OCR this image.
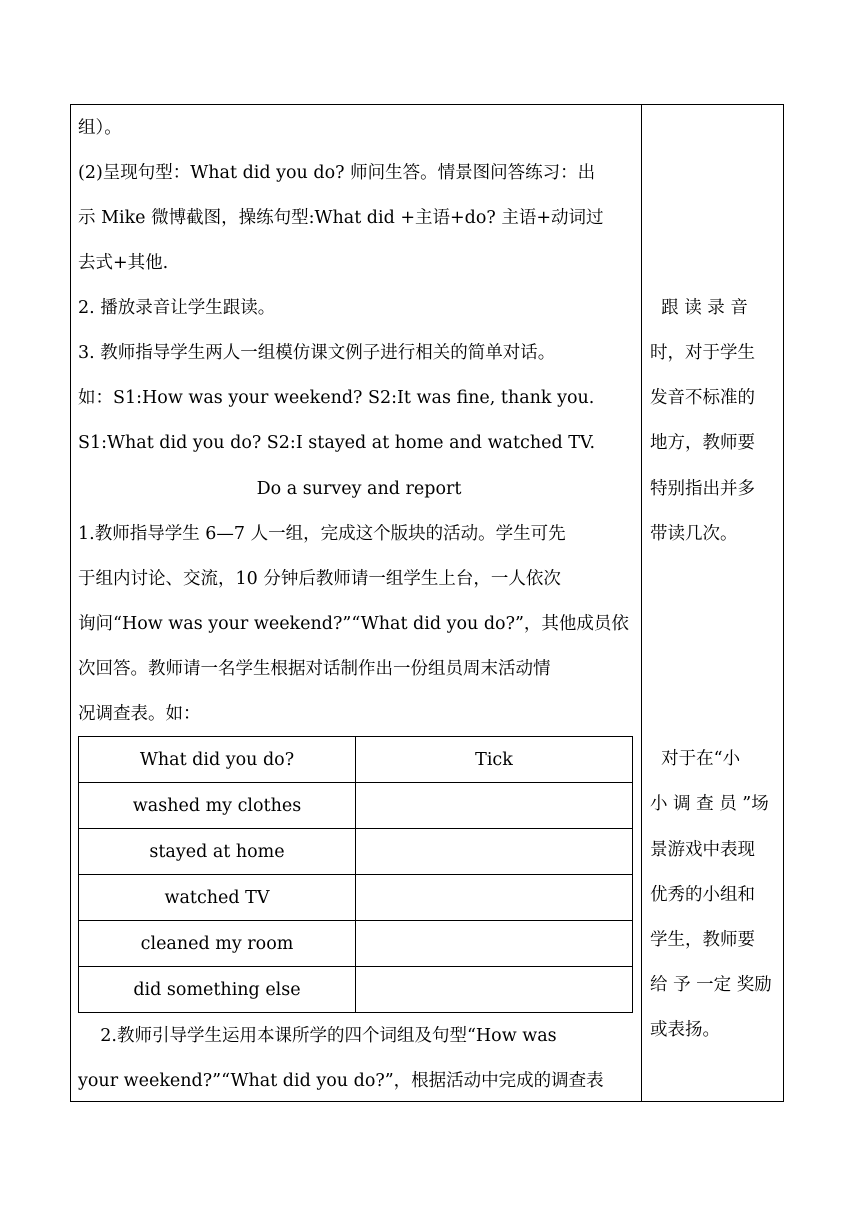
组）。
(2)呈现句型：What did you do? 师问生答。情景图问答练习：出
示 Mike 微博截图，操练句型:What did +主语+do? 主语+动词过
去式+其他.
2. 播放录音让学生跟读。
3. 教师指导学生两人一组模仿课文例子进行相关的简单对话。
如：S1:How was your weekend? S2:It was fine, thank you.
S1:What did you do? S2:I stayed at home and watched TV.
Do a survey and report
1.教师指导学生 6—7 人一组，完成这个版块的活动。学生可先
于组内讨论、交流，10 分钟后教师请一组学生上台，一人依次
询问“How was your weekend?”“What did you do?”，其他成员依
次回答。教师请一名学生根据对话制作出一份组员周末活动情
况调查表。如：
What did you do?	Tick
washed my clothes	
stayed at home	
watched TV	
cleaned my room	
did something else	
2.教师引导学生运用本课所学的四个词组及句型“How was
your weekend?”“What did you do?”，根据活动中完成的调查表
跟 读 录 音
时，对于学生
发音不标准的
地方，教师要
特别指出并多
带读几次。
对于在“小
小 调 查 员 ”场
景游戏中表现
优秀的小组和
学生，教师要
给 予 一定 奖励
或表扬。
